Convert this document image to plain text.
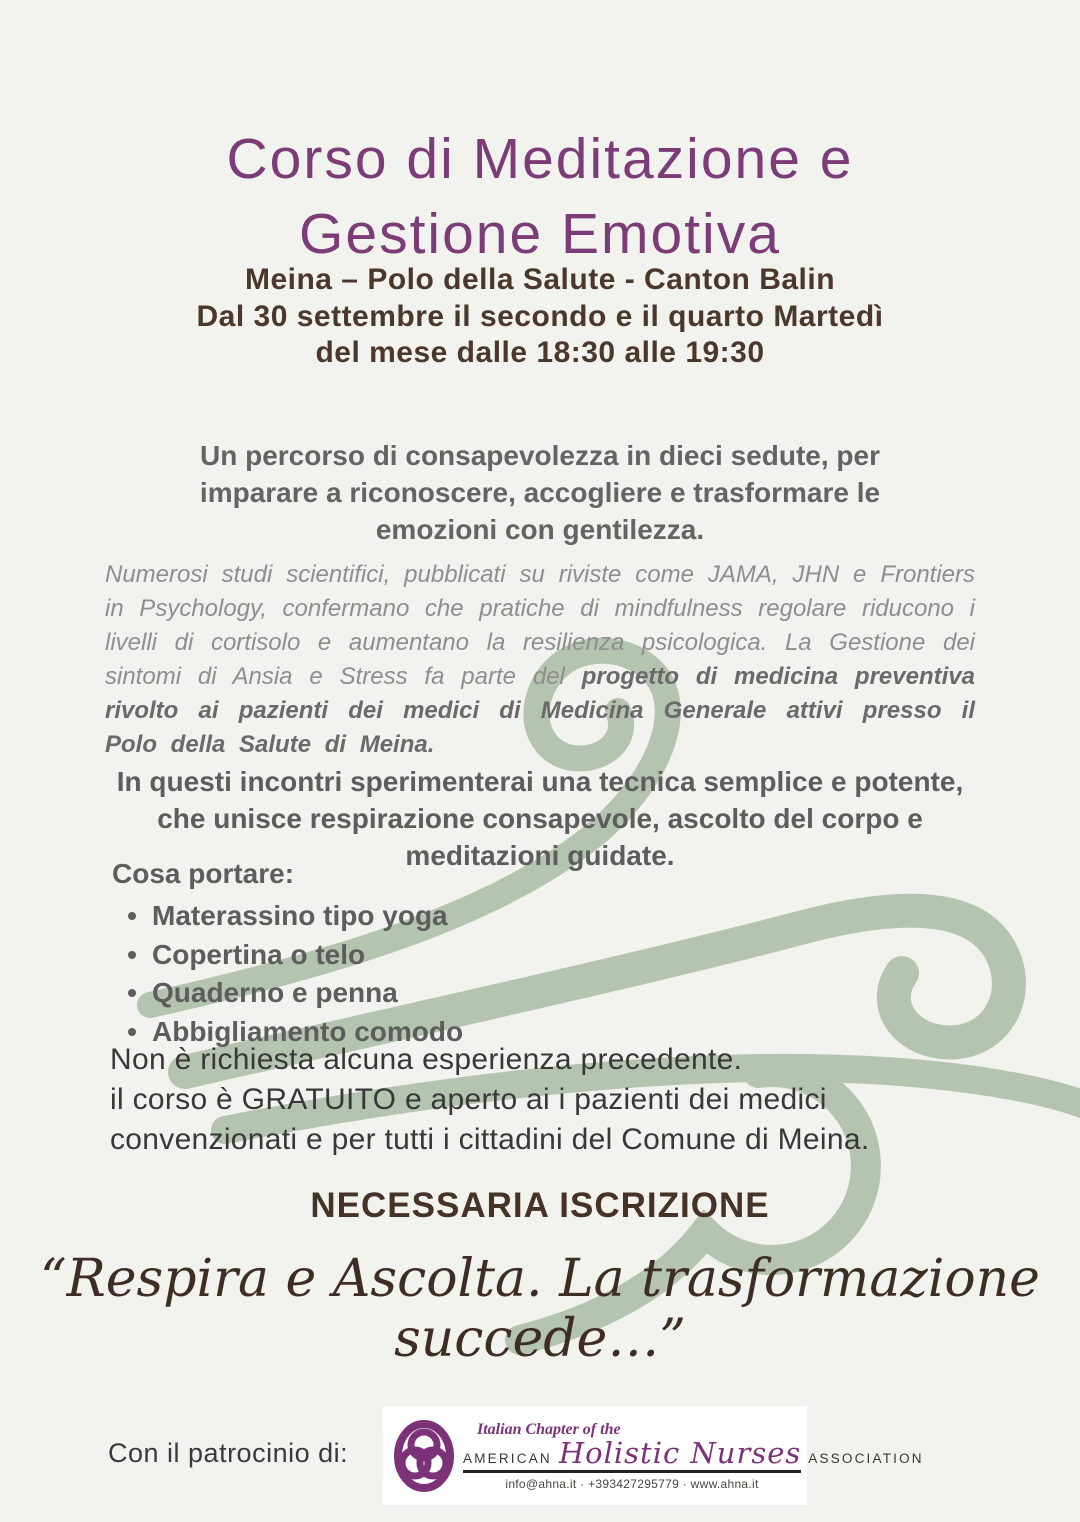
Corso di Meditazione e
Gestione Emotiva
Meina – Polo della Salute - Canton Balin
Dal 30 settembre il secondo e il quarto Martedì
del mese dalle 18:30 alle 19:30

Un percorso di consapevolezza in dieci sedute, per imparare a riconoscere, accogliere e trasformare le emozioni con gentilezza.

Numerosi studi scientifici, pubblicati su riviste come JAMA, JHN e Frontiers in Psychology, confermano che pratiche di mindfulness regolare riducono i livelli di cortisolo e aumentano la resilienza psicologica. La Gestione dei sintomi di Ansia e Stress fa parte del progetto di medicina preventiva rivolto ai pazienti dei medici di Medicina Generale attivi presso il Polo della Salute di Meina.

In questi incontri sperimenterai una tecnica semplice e potente, che unisce respirazione consapevole, ascolto del corpo e meditazioni guidate.

Cosa portare:
• Materassino tipo yoga
• Copertina o telo
• Quaderno e penna
• Abbigliamento comodo

Non è richiesta alcuna esperienza precedente.

il corso è GRATUITO e aperto ai i pazienti dei medici convenzionati e per tutti i cittadini del Comune di Meina.

NECESSARIA ISCRIZIONE
“Respira e Ascolta. La trasformazione
succede…”
Con il patrocinio di:
Italian Chapter of the
AMERICAN Holistic Nurses ASSOCIATION
info@ahna.it · +393427295779 · www.ahna.it
